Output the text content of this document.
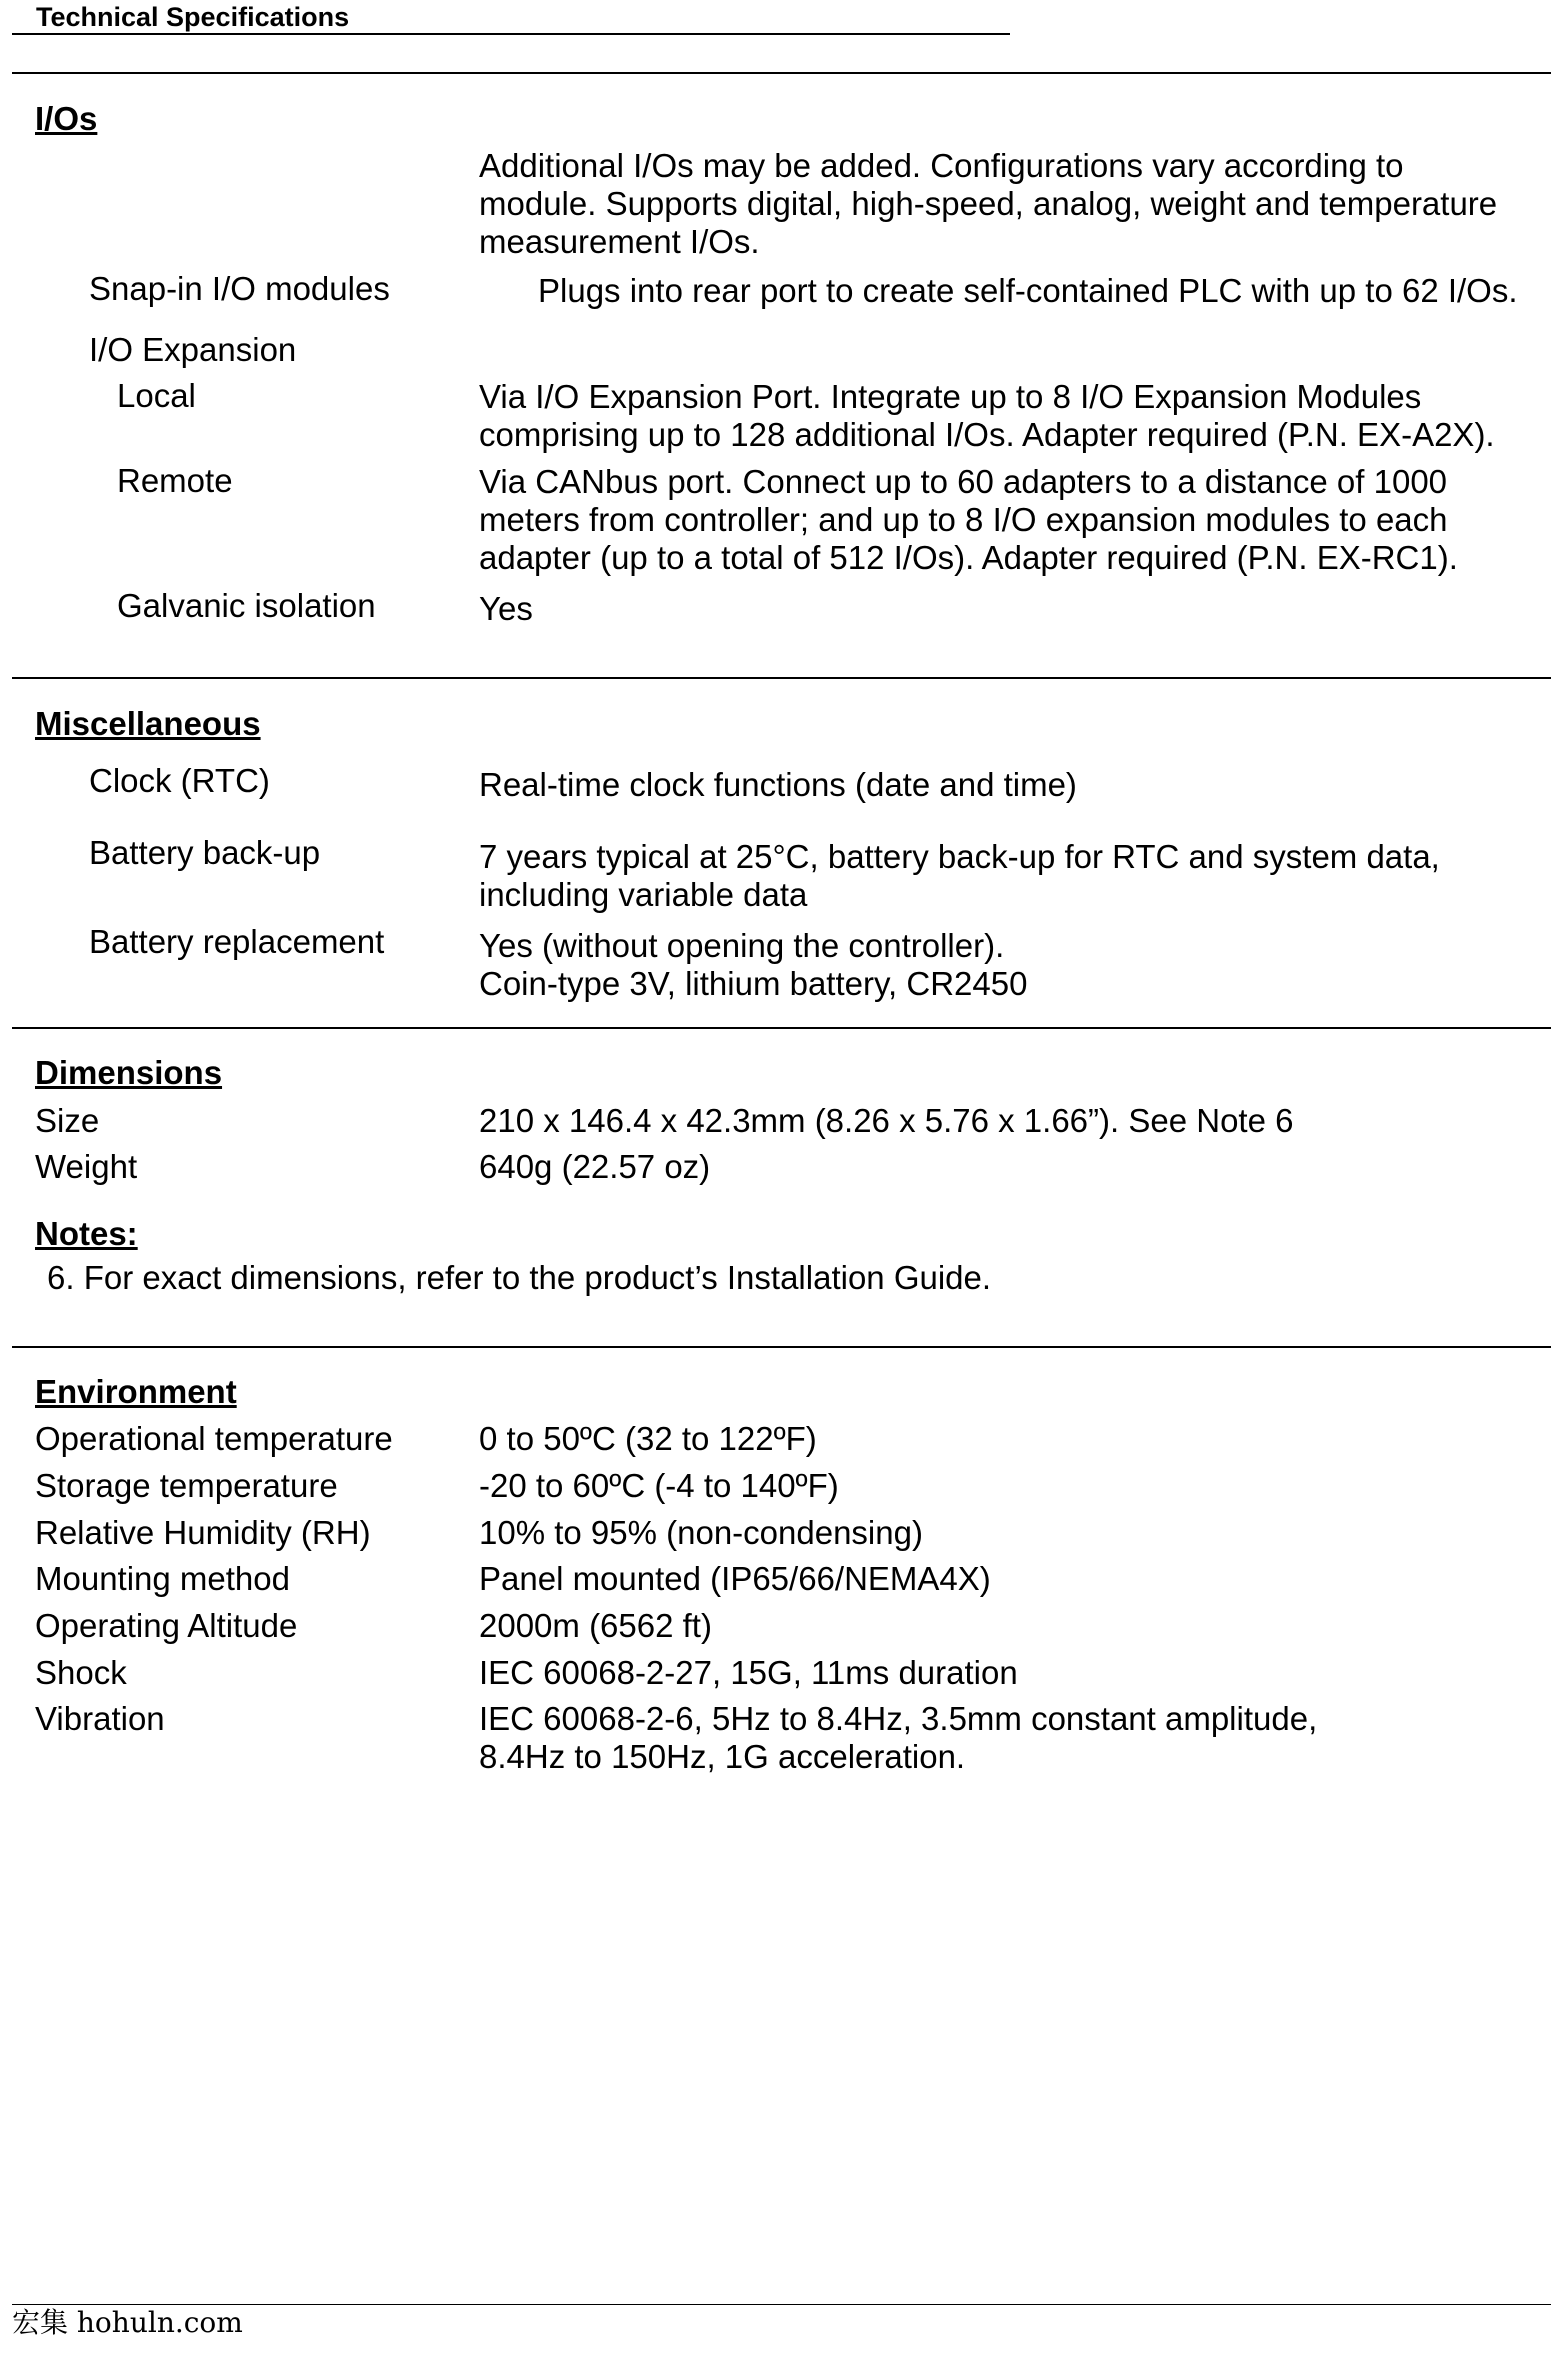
Technical Specifications
I/Os
Additional I/Os may be added. Configurations vary according to
module. Supports digital, high-speed, analog, weight and temperature
measurement I/Os.
Snap-in I/O modules	Plugs into rear port to create self-contained PLC with up to 62 I/Os.
I/O Expansion
Local	Via I/O Expansion Port. Integrate up to 8 I/O Expansion Modules
comprising up to 128 additional I/Os. Adapter required (P.N. EX-A2X).
Remote	Via CANbus port. Connect up to 60 adapters to a distance of 1000
meters from controller; and up to 8 I/O expansion modules to each
adapter (up to a total of 512 I/Os). Adapter required (P.N. EX-RC1).
Galvanic isolation	Yes
Miscellaneous
Clock (RTC)	Real-time clock functions (date and time)
Battery back-up	7 years typical at 25°C, battery back-up for RTC and system data,
including variable data
Battery replacement	Yes (without opening the controller).
Coin-type 3V, lithium battery, CR2450
Dimensions
Size	210 x 146.4 x 42.3mm (8.26 x 5.76 x 1.66”). See Note 6
Weight	640g (22.57 oz)
Notes:
6. For exact dimensions, refer to the product’s Installation Guide.
Environment
Operational temperature	0 to 50ºC (32 to 122ºF)
Storage temperature	-20 to 60ºC (-4 to 140ºF)
Relative Humidity (RH)	10% to 95% (non-condensing)
Mounting method	Panel mounted (IP65/66/NEMA4X)
Operating Altitude	2000m (6562 ft)
Shock	IEC 60068-2-27, 15G, 11ms duration
Vibration	IEC 60068-2-6, 5Hz to 8.4Hz, 3.5mm constant amplitude,
8.4Hz to 150Hz, 1G acceleration.
宏集 hohuln.com
